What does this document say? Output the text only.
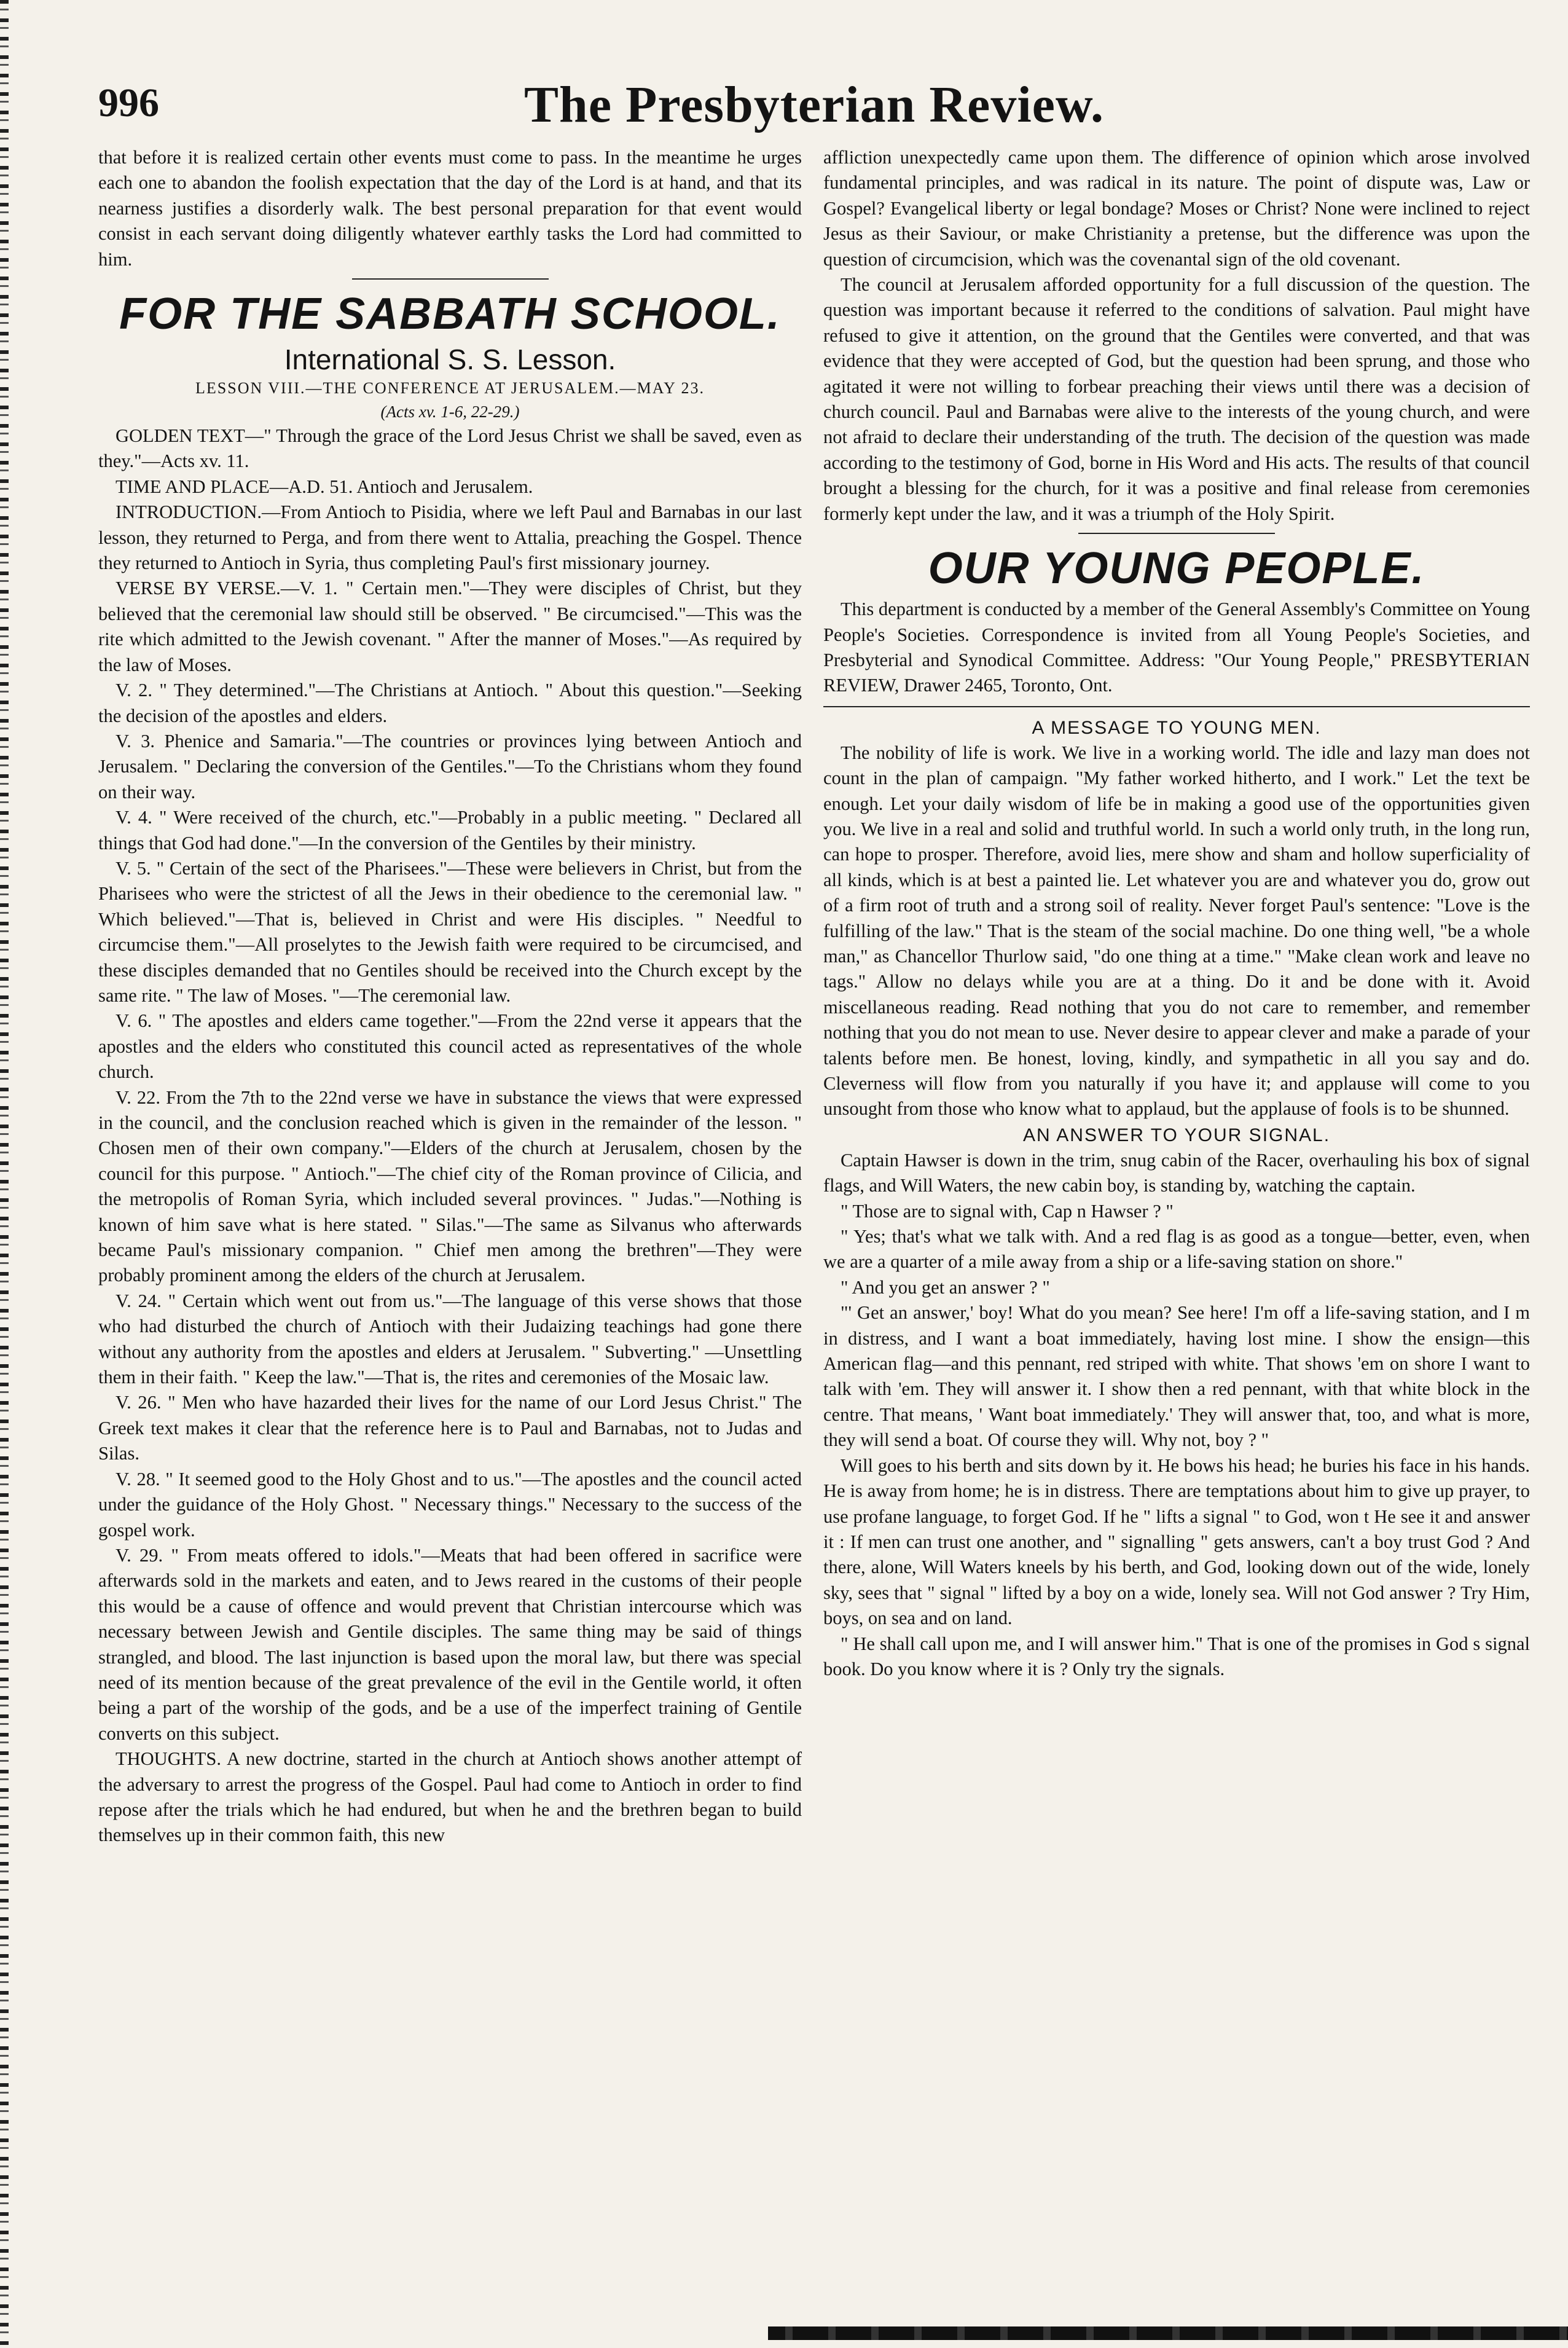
The Presbyterian Review.
996

that before it is realized certain other events must come to pass. In the meantime he urges each one to abandon the foolish expectation that the day of the Lord is at hand, and that its nearness justifies a disorderly walk. The best personal preparation for that event would consist in each servant doing diligently whatever earthly tasks the Lord had committed to him.

FOR THE SABBATH SCHOOL.
International S. S. Lesson.
LESSON VIII.—THE CONFERENCE AT JERUSALEM.—MAY 23.
(Acts xv. 1-6, 22-29.)

GOLDEN TEXT—" Through the grace of the Lord Jesus Christ we shall be saved, even as they."—Acts xv. 11.

TIME AND PLACE—A.D. 51. Antioch and Jerusalem.

INTRODUCTION.—From Antioch to Pisidia, where we left Paul and Barnabas in our last lesson, they returned to Perga, and from there went to Attalia, preaching the Gospel. Thence they returned to Antioch in Syria, thus completing Paul's first missionary journey.

VERSE BY VERSE.—V. 1. " Certain men."—They were disciples of Christ, but they believed that the ceremonial law should still be observed. " Be circumcised."—This was the rite which admitted to the Jewish covenant. " After the manner of Moses."—As required by the law of Moses.

V. 2. " They determined."—The Christians at Antioch. " About this question."—Seeking the decision of the apostles and elders.

V. 3. Phenice and Samaria."—The countries or provinces lying between Antioch and Jerusalem. " Declaring the conversion of the Gentiles."—To the Christians whom they found on their way.

V. 4. " Were received of the church, etc."—Probably in a public meeting. " Declared all things that God had done."—In the conversion of the Gentiles by their ministry.

V. 5. " Certain of the sect of the Pharisees."—These were believers in Christ, but from the Pharisees who were the strictest of all the Jews in their obedience to the ceremonial law. " Which believed."—That is, believed in Christ and were His disciples. " Needful to circumcise them."—All proselytes to the Jewish faith were required to be circumcised, and these disciples demanded that no Gentiles should be received into the Church except by the same rite. " The law of Moses. "—The ceremonial law.

V. 6. " The apostles and elders came together."—From the 22nd verse it appears that the apostles and the elders who constituted this council acted as representatives of the whole church.

V. 22. From the 7th to the 22nd verse we have in substance the views that were expressed in the council, and the conclusion reached which is given in the remainder of the lesson. " Chosen men of their own company."—Elders of the church at Jerusalem, chosen by the council for this purpose. " Antioch."—The chief city of the Roman province of Cilicia, and the metropolis of Roman Syria, which included several provinces. " Judas."—Nothing is known of him save what is here stated. " Silas."—The same as Silvanus who afterwards became Paul's missionary companion. " Chief men among the brethren"—They were probably prominent among the elders of the church at Jerusalem.

V. 24. " Certain which went out from us."—The language of this verse shows that those who had disturbed the church of Antioch with their Judaizing teachings had gone there without any authority from the apostles and elders at Jerusalem. " Subverting." —Unsettling them in their faith. " Keep the law."—That is, the rites and ceremonies of the Mosaic law.

V. 26. " Men who have hazarded their lives for the name of our Lord Jesus Christ." The Greek text makes it clear that the reference here is to Paul and Barnabas, not to Judas and Silas.

V. 28. " It seemed good to the Holy Ghost and to us."—The apostles and the council acted under the guidance of the Holy Ghost. " Necessary things." Necessary to the success of the gospel work.

V. 29. " From meats offered to idols."—Meats that had been offered in sacrifice were afterwards sold in the markets and eaten, and to Jews reared in the customs of their people this would be a cause of offence and would prevent that Christian intercourse which was necessary between Jewish and Gentile disciples. The same thing may be said of things strangled, and blood. The last injunction is based upon the moral law, but there was special need of its mention because of the great prevalence of the evil in the Gentile world, it often being a part of the worship of the gods, and be a use of the imperfect training of Gentile converts on this subject.

THOUGHTS. A new doctrine, started in the church at Antioch shows another attempt of the adversary to arrest the progress of the Gospel. Paul had come to Antioch in order to find repose after the trials which he had endured, but when he and the brethren began to build themselves up in their common faith, this new

affliction unexpectedly came upon them. The difference of opinion which arose involved fundamental principles, and was radical in its nature. The point of dispute was, Law or Gospel? Evangelical liberty or legal bondage? Moses or Christ? None were inclined to reject Jesus as their Saviour, or make Christianity a pretense, but the difference was upon the question of circumcision, which was the covenantal sign of the old covenant.

The council at Jerusalem afforded opportunity for a full discussion of the question. The question was important because it referred to the conditions of salvation. Paul might have refused to give it attention, on the ground that the Gentiles were converted, and that was evidence that they were accepted of God, but the question had been sprung, and those who agitated it were not willing to forbear preaching their views until there was a decision of church council. Paul and Barnabas were alive to the interests of the young church, and were not afraid to declare their understanding of the truth. The decision of the question was made according to the testimony of God, borne in His Word and His acts. The results of that council brought a blessing for the church, for it was a positive and final release from ceremonies formerly kept under the law, and it was a triumph of the Holy Spirit.

OUR YOUNG PEOPLE.

This department is conducted by a member of the General Assembly's Committee on Young People's Societies. Correspondence is invited from all Young People's Societies, and Presbyterial and Synodical Committee. Address: "Our Young People," PRESBYTERIAN REVIEW, Drawer 2465, Toronto, Ont.

A MESSAGE TO YOUNG MEN.

The nobility of life is work. We live in a working world. The idle and lazy man does not count in the plan of campaign. "My father worked hitherto, and I work." Let the text be enough. Let your daily wisdom of life be in making a good use of the opportunities given you. We live in a real and solid and truthful world. In such a world only truth, in the long run, can hope to prosper. Therefore, avoid lies, mere show and sham and hollow superficiality of all kinds, which is at best a painted lie. Let whatever you are and whatever you do, grow out of a firm root of truth and a strong soil of reality. Never forget Paul's sentence: "Love is the fulfilling of the law." That is the steam of the social machine. Do one thing well, "be a whole man," as Chancellor Thurlow said, "do one thing at a time." "Make clean work and leave no tags." Allow no delays while you are at a thing. Do it and be done with it. Avoid miscellaneous reading. Read nothing that you do not care to remember, and remember nothing that you do not mean to use. Never desire to appear clever and make a parade of your talents before men. Be honest, loving, kindly, and sympathetic in all you say and do. Cleverness will flow from you naturally if you have it; and applause will come to you unsought from those who know what to applaud, but the applause of fools is to be shunned.

AN ANSWER TO YOUR SIGNAL.

Captain Hawser is down in the trim, snug cabin of the Racer, overhauling his box of signal flags, and Will Waters, the new cabin boy, is standing by, watching the captain.

" Those are to signal with, Cap n Hawser ? "

" Yes; that's what we talk with. And a red flag is as good as a tongue—better, even, when we are a quarter of a mile away from a ship or a life-saving station on shore."

" And you get an answer ? "

"' Get an answer,' boy! What do you mean? See here! I'm off a life-saving station, and I m in distress, and I want a boat immediately, having lost mine. I show the ensign—this American flag—and this pennant, red striped with white. That shows 'em on shore I want to talk with 'em. They will answer it. I show then a red pennant, with that white block in the centre. That means, ' Want boat immediately.' They will answer that, too, and what is more, they will send a boat. Of course they will. Why not, boy ? "

Will goes to his berth and sits down by it. He bows his head; he buries his face in his hands. He is away from home; he is in distress. There are temptations about him to give up prayer, to use profane language, to forget God. If he " lifts a signal " to God, won t He see it and answer it : If men can trust one another, and " signalling " gets answers, can't a boy trust God ? And there, alone, Will Waters kneels by his berth, and God, looking down out of the wide, lonely sky, sees that " signal " lifted by a boy on a wide, lonely sea. Will not God answer ? Try Him, boys, on sea and on land.

" He shall call upon me, and I will answer him." That is one of the promises in God s signal book. Do you know where it is ? Only try the signals.
